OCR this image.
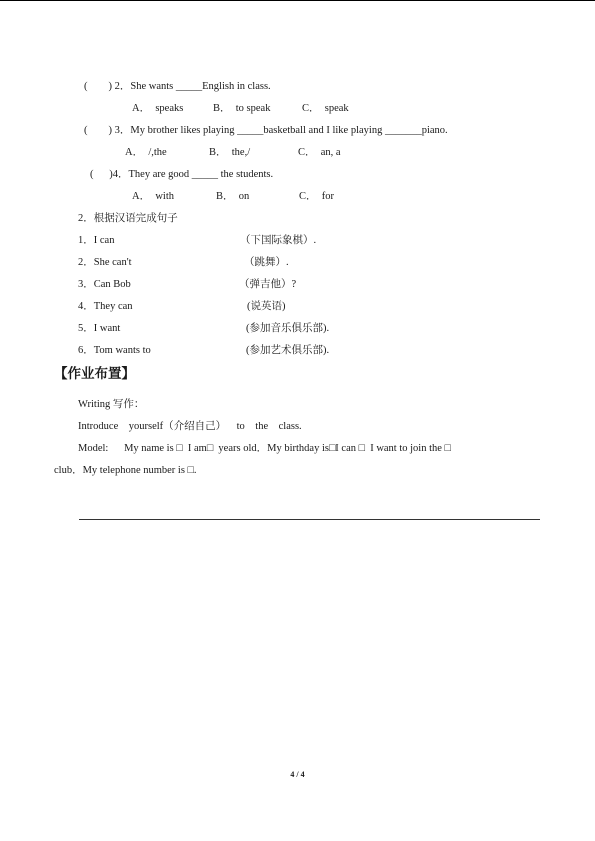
(        ) 2．She wants _____English in class.
A．  speaks	B．  to speak	C．  speak
(        ) 3．My brother likes playing _____basketball and I like playing _______piano.
A．  /,the	B．  the,/	C．  an, a
(      )4．They are good _____ the students.
A．  with	B．  on	C．  for
2．根据汉语完成句子
1．I can	（下国际象棋）.
2．She can't	（跳舞）.
3．Can Bob	（弹吉他）?
4．They can	(说英语)
5．I want	(参加音乐俱乐部).
6．Tom wants to	(参加艺术俱乐部).
【作业布置】
Writing 写作：
Introduce    yourself（介绍自己）    to    the    class.
Model:      My name is □  I am□  years old．My birthday is□I can □  I want to join the □
club．My telephone number is □.
4 / 4
